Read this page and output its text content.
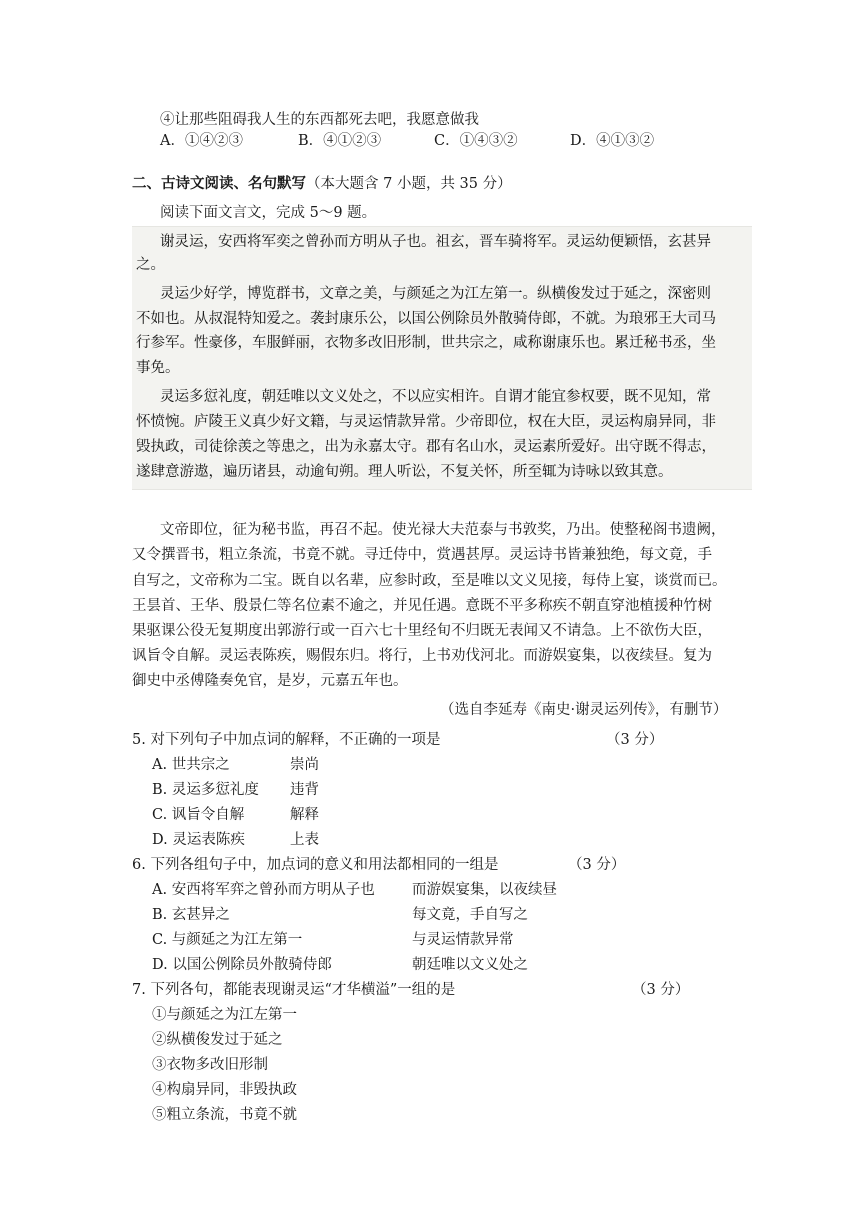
④让那些阻碍我人生的东西都死去吧，我愿意做我
A．①④②③	B．④①②③	C．①④③②	D．④①③②
二、古诗文阅读、名句默写（本大题含 7 小题，共 35 分）
阅读下面文言文，完成 5～9 题。
谢灵运，安西将军奕之曾孙而方明从子也。祖玄，晋车骑将军。灵运幼便颖悟，玄甚异
之。
灵运少好学，博览群书，文章之美，与颜延之为江左第一。纵横俊发过于延之，深密则
不如也。从叔混特知爱之。袭封康乐公，以国公例除员外散骑侍郎，不就。为琅邪王大司马
行参军。性豪侈，车服鲜丽，衣物多改旧形制，世共宗之，咸称谢康乐也。累迁秘书丞，坐
事免。
灵运多愆礼度，朝廷唯以文义处之，不以应实相许。自谓才能宜参权要，既不见知，常
怀愤惋。庐陵王义真少好文籍，与灵运情款异常。少帝即位，权在大臣，灵运构扇异同，非
毁执政，司徒徐羡之等患之，出为永嘉太守。郡有名山水，灵运素所爱好。出守既不得志，
遂肆意游遨，遍历诸县，动逾旬朔。理人听讼，不复关怀，所至辄为诗咏以致其意。
文帝即位，征为秘书监，再召不起。使光禄大夫范泰与书敦奖，乃出。使整秘阁书遗阙，
又令撰晋书，粗立条流，书竟不就。寻迁侍中，赏遇甚厚。灵运诗书皆兼独绝，每文竟，手
自写之，文帝称为二宝。既自以名辈，应参时政，至是唯以文义见接，每侍上宴，谈赏而已。
王昙首、王华、殷景仁等名位素不逾之，并见任遇。意既不平多称疾不朝直穿池植援种竹树
果驱课公役无复期度出郭游行或一百六七十里经旬不归既无表闻又不请急。上不欲伤大臣，
讽旨令自解。灵运表陈疾，赐假东归。将行，上书劝伐河北。而游娱宴集，以夜续昼。复为
御史中丞傅隆奏免官，是岁，元嘉五年也。
（选自李延寿《南史·谢灵运列传》，有删节）
5. 对下列句子中加点词的解释，不正确的一项是	（3 分）
A. 世共宗之	崇尚
B. 灵运多愆礼度 违背
C. 讽旨令自解	解释
D. 灵运表陈疾	上表
6. 下列各组句子中，加点词的意义和用法都相同的一组是	（3 分）
A. 安西将军弈之曾孙而方明从子也	而游娱宴集，以夜续昼
B. 玄甚异之	每文竟，手自写之
C. 与颜延之为江左第一	与灵运情款异常
D. 以国公例除员外散骑侍郎	朝廷唯以文义处之
7. 下列各句，都能表现谢灵运“才华横溢”一组的是	（3 分）
①与颜延之为江左第一
②纵横俊发过于延之
③衣物多改旧形制
④构扇异同，非毁执政
⑤粗立条流，书竟不就
